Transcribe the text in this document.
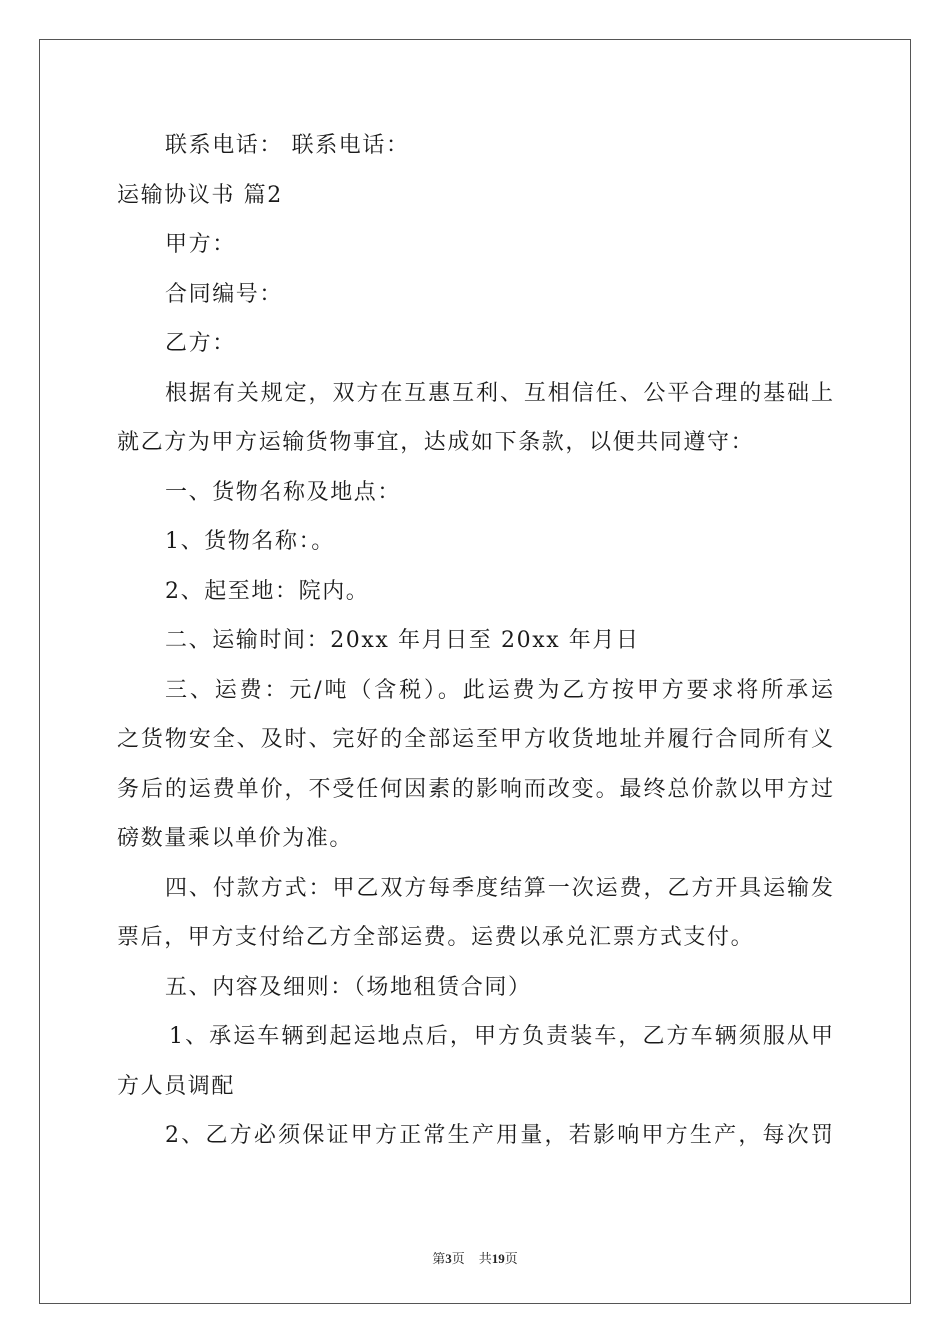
联系电话： 联系电话：
运输协议书 篇2
甲方：
合同编号：
乙方：
根据有关规定，双方在互惠互利、互相信任、公平合理的基础上
就乙方为甲方运输货物事宜，达成如下条款，以便共同遵守：
一、货物名称及地点：
1、货物名称：。
2、起至地：院内。
二、运输时间：20xx 年月日至 20xx 年月日
三、运费：元/吨（含税）。此运费为乙方按甲方要求将所承运
之货物安全、及时、完好的全部运至甲方收货地址并履行合同所有义
务后的运费单价，不受任何因素的影响而改变。最终总价款以甲方过
磅数量乘以单价为准。
四、付款方式：甲乙双方每季度结算一次运费，乙方开具运输发
票后，甲方支付给乙方全部运费。运费以承兑汇票方式支付。
五、内容及细则：（场地租赁合同）
1、承运车辆到起运地点后，甲方负责装车，乙方车辆须服从甲
方人员调配
2、乙方必须保证甲方正常生产用量，若影响甲方生产，每次罚
第3页 共19页
